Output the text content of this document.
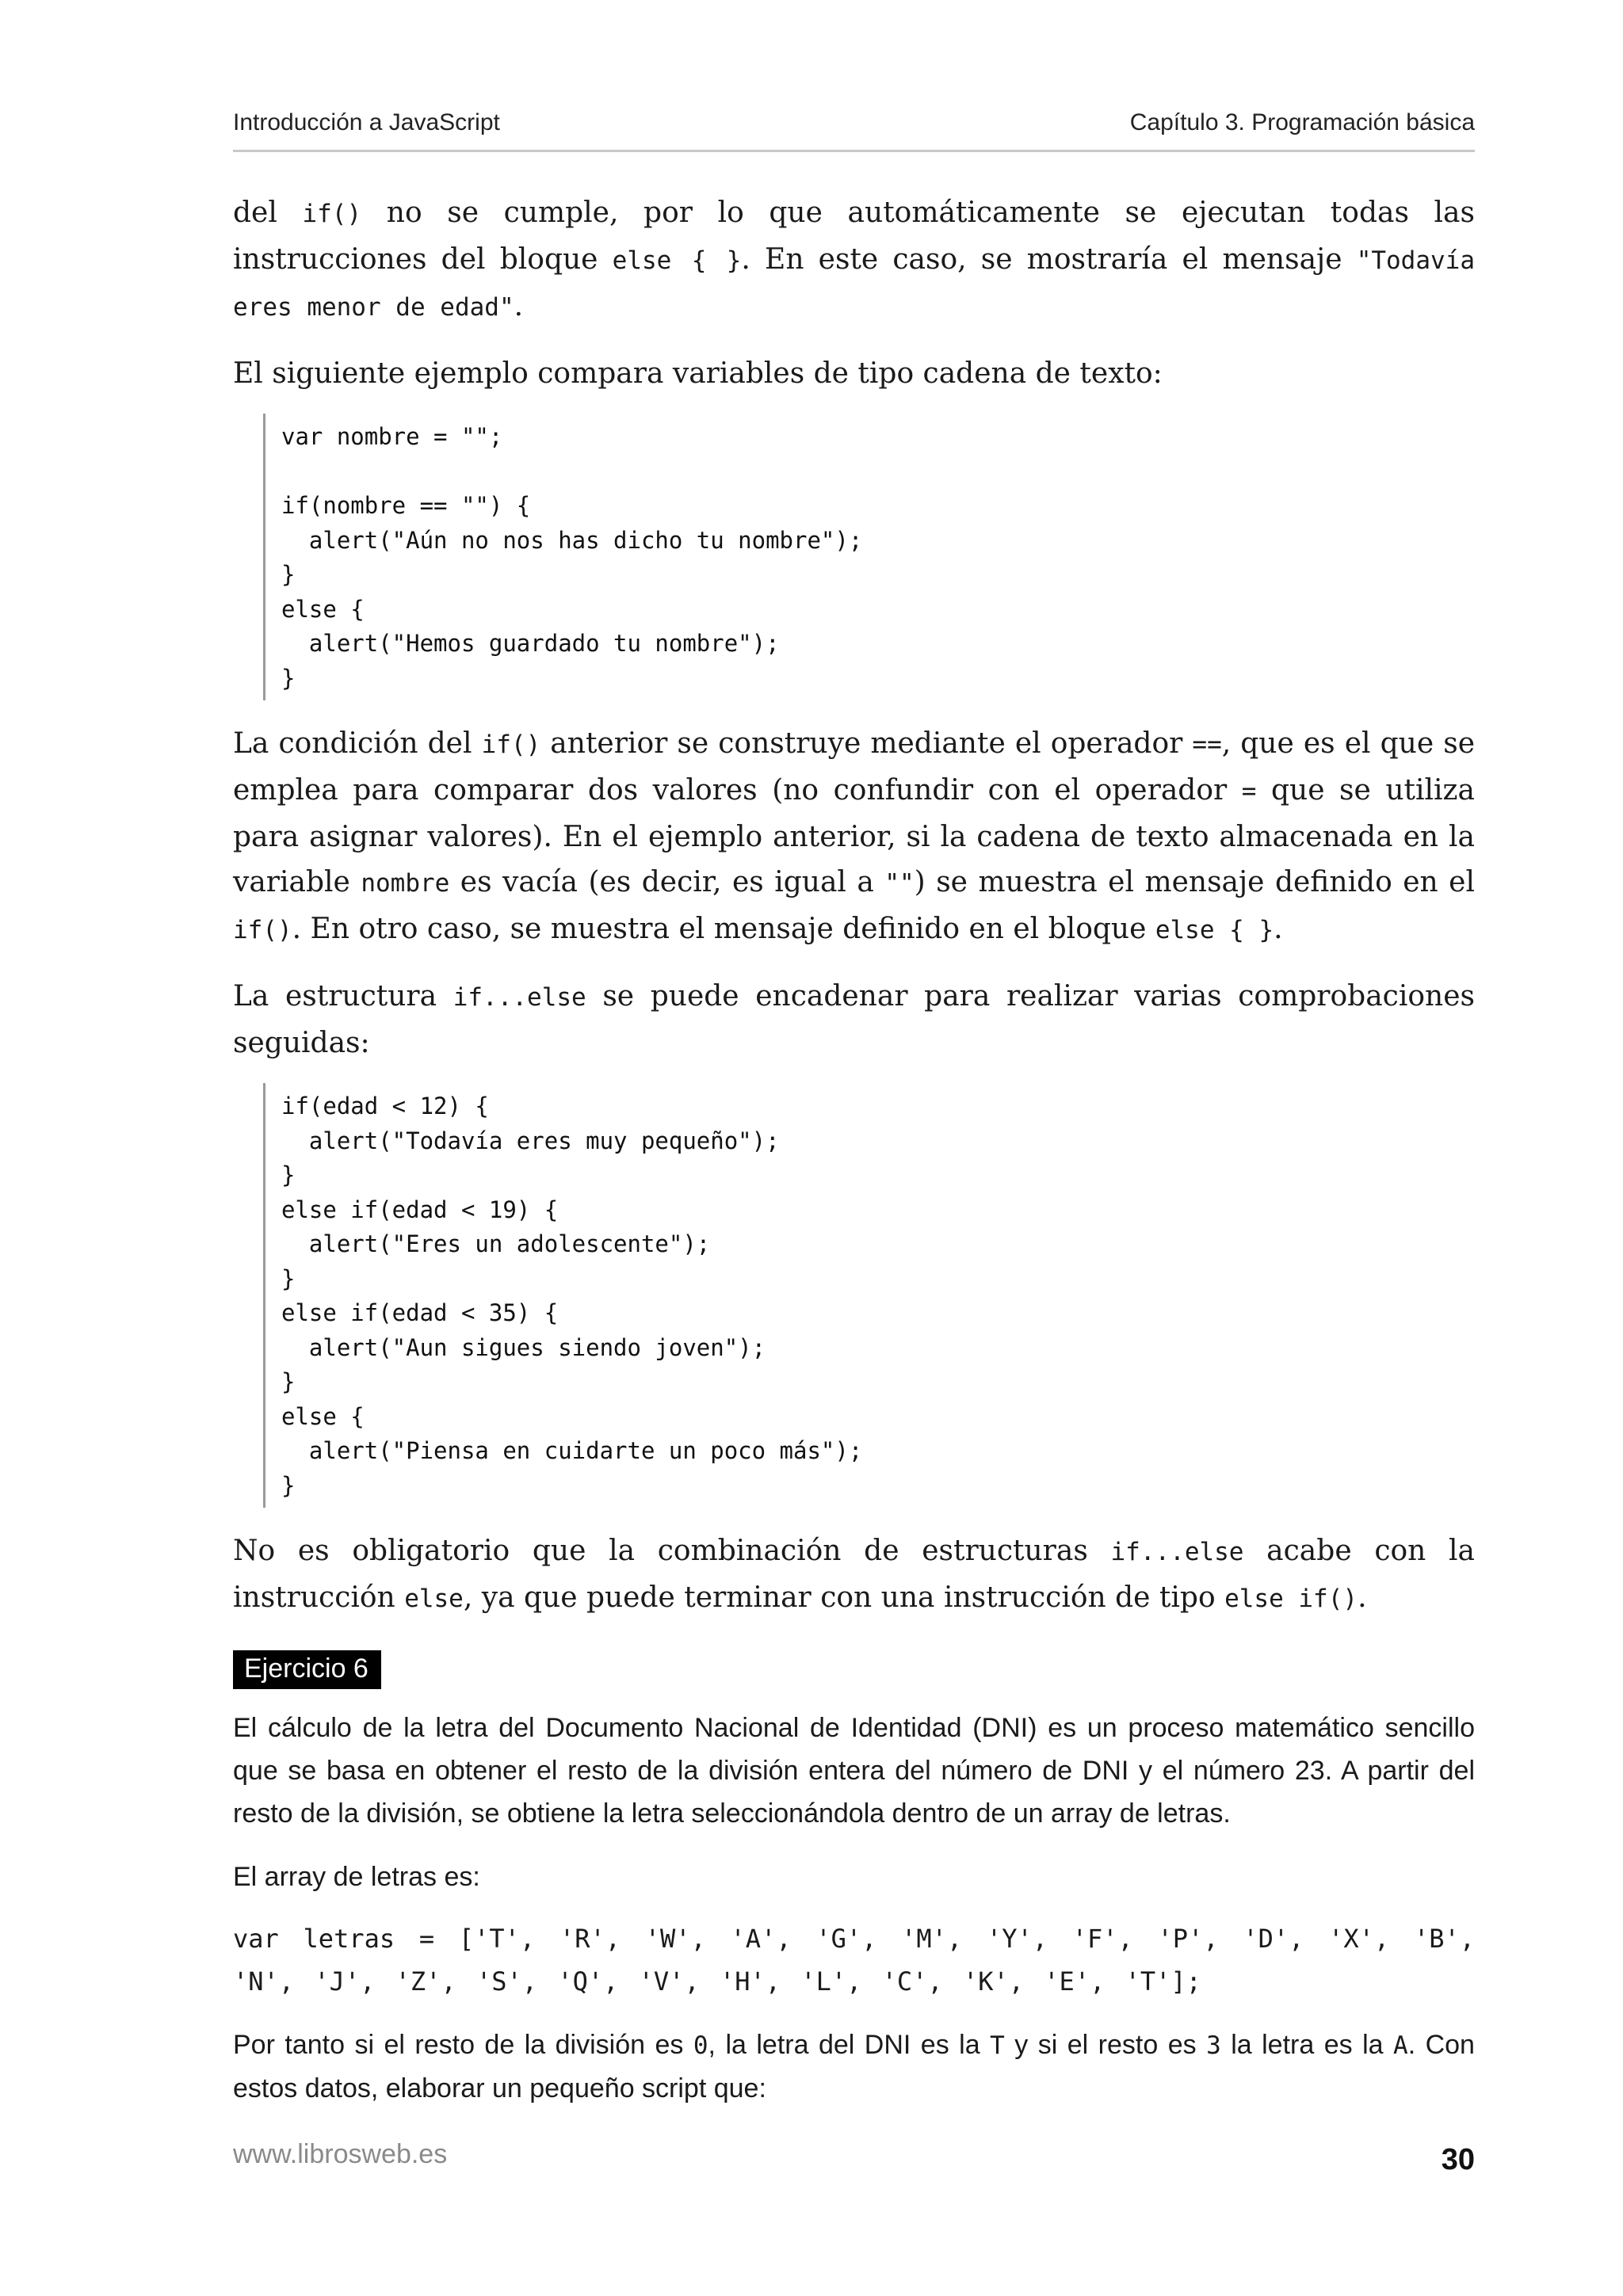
Introducción a JavaScript	Capítulo 3. Programación básica

del if() no se cumple, por lo que automáticamente se ejecutan todas las instrucciones del bloque else { }. En este caso, se mostraría el mensaje "Todavía eres menor de edad".

El siguiente ejemplo compara variables de tipo cadena de texto:

var nombre = "";

if(nombre == "") {
alert("Aún no nos has dicho tu nombre");
}
else {
alert("Hemos guardado tu nombre");
}

La condición del if() anterior se construye mediante el operador ==, que es el que se emplea para comparar dos valores (no confundir con el operador = que se utiliza para asignar valores). En el ejemplo anterior, si la cadena de texto almacenada en la variable nombre es vacía (es decir, es igual a "") se muestra el mensaje definido en el if(). En otro caso, se muestra el mensaje definido en el bloque else { }.

La estructura if...else se puede encadenar para realizar varias comprobaciones seguidas:

if(edad < 12) {
alert("Todavía eres muy pequeño");
}
else if(edad < 19) {
alert("Eres un adolescente");
}
else if(edad < 35) {
alert("Aun sigues siendo joven");
}
else {
alert("Piensa en cuidarte un poco más");
}

No es obligatorio que la combinación de estructuras if...else acabe con la instrucción else, ya que puede terminar con una instrucción de tipo else if().

Ejercicio 6

El cálculo de la letra del Documento Nacional de Identidad (DNI) es un proceso matemático sencillo que se basa en obtener el resto de la división entera del número de DNI y el número 23. A partir del resto de la división, se obtiene la letra seleccionándola dentro de un array de letras.

El array de letras es:

var letras = ['T', 'R', 'W', 'A', 'G', 'M', 'Y', 'F', 'P', 'D', 'X', 'B', 'N', 'J', 'Z', 'S', 'Q', 'V', 'H', 'L', 'C', 'K', 'E', 'T'];

Por tanto si el resto de la división es 0, la letra del DNI es la T y si el resto es 3 la letra es la A. Con estos datos, elaborar un pequeño script que:

www.librosweb.es	30
